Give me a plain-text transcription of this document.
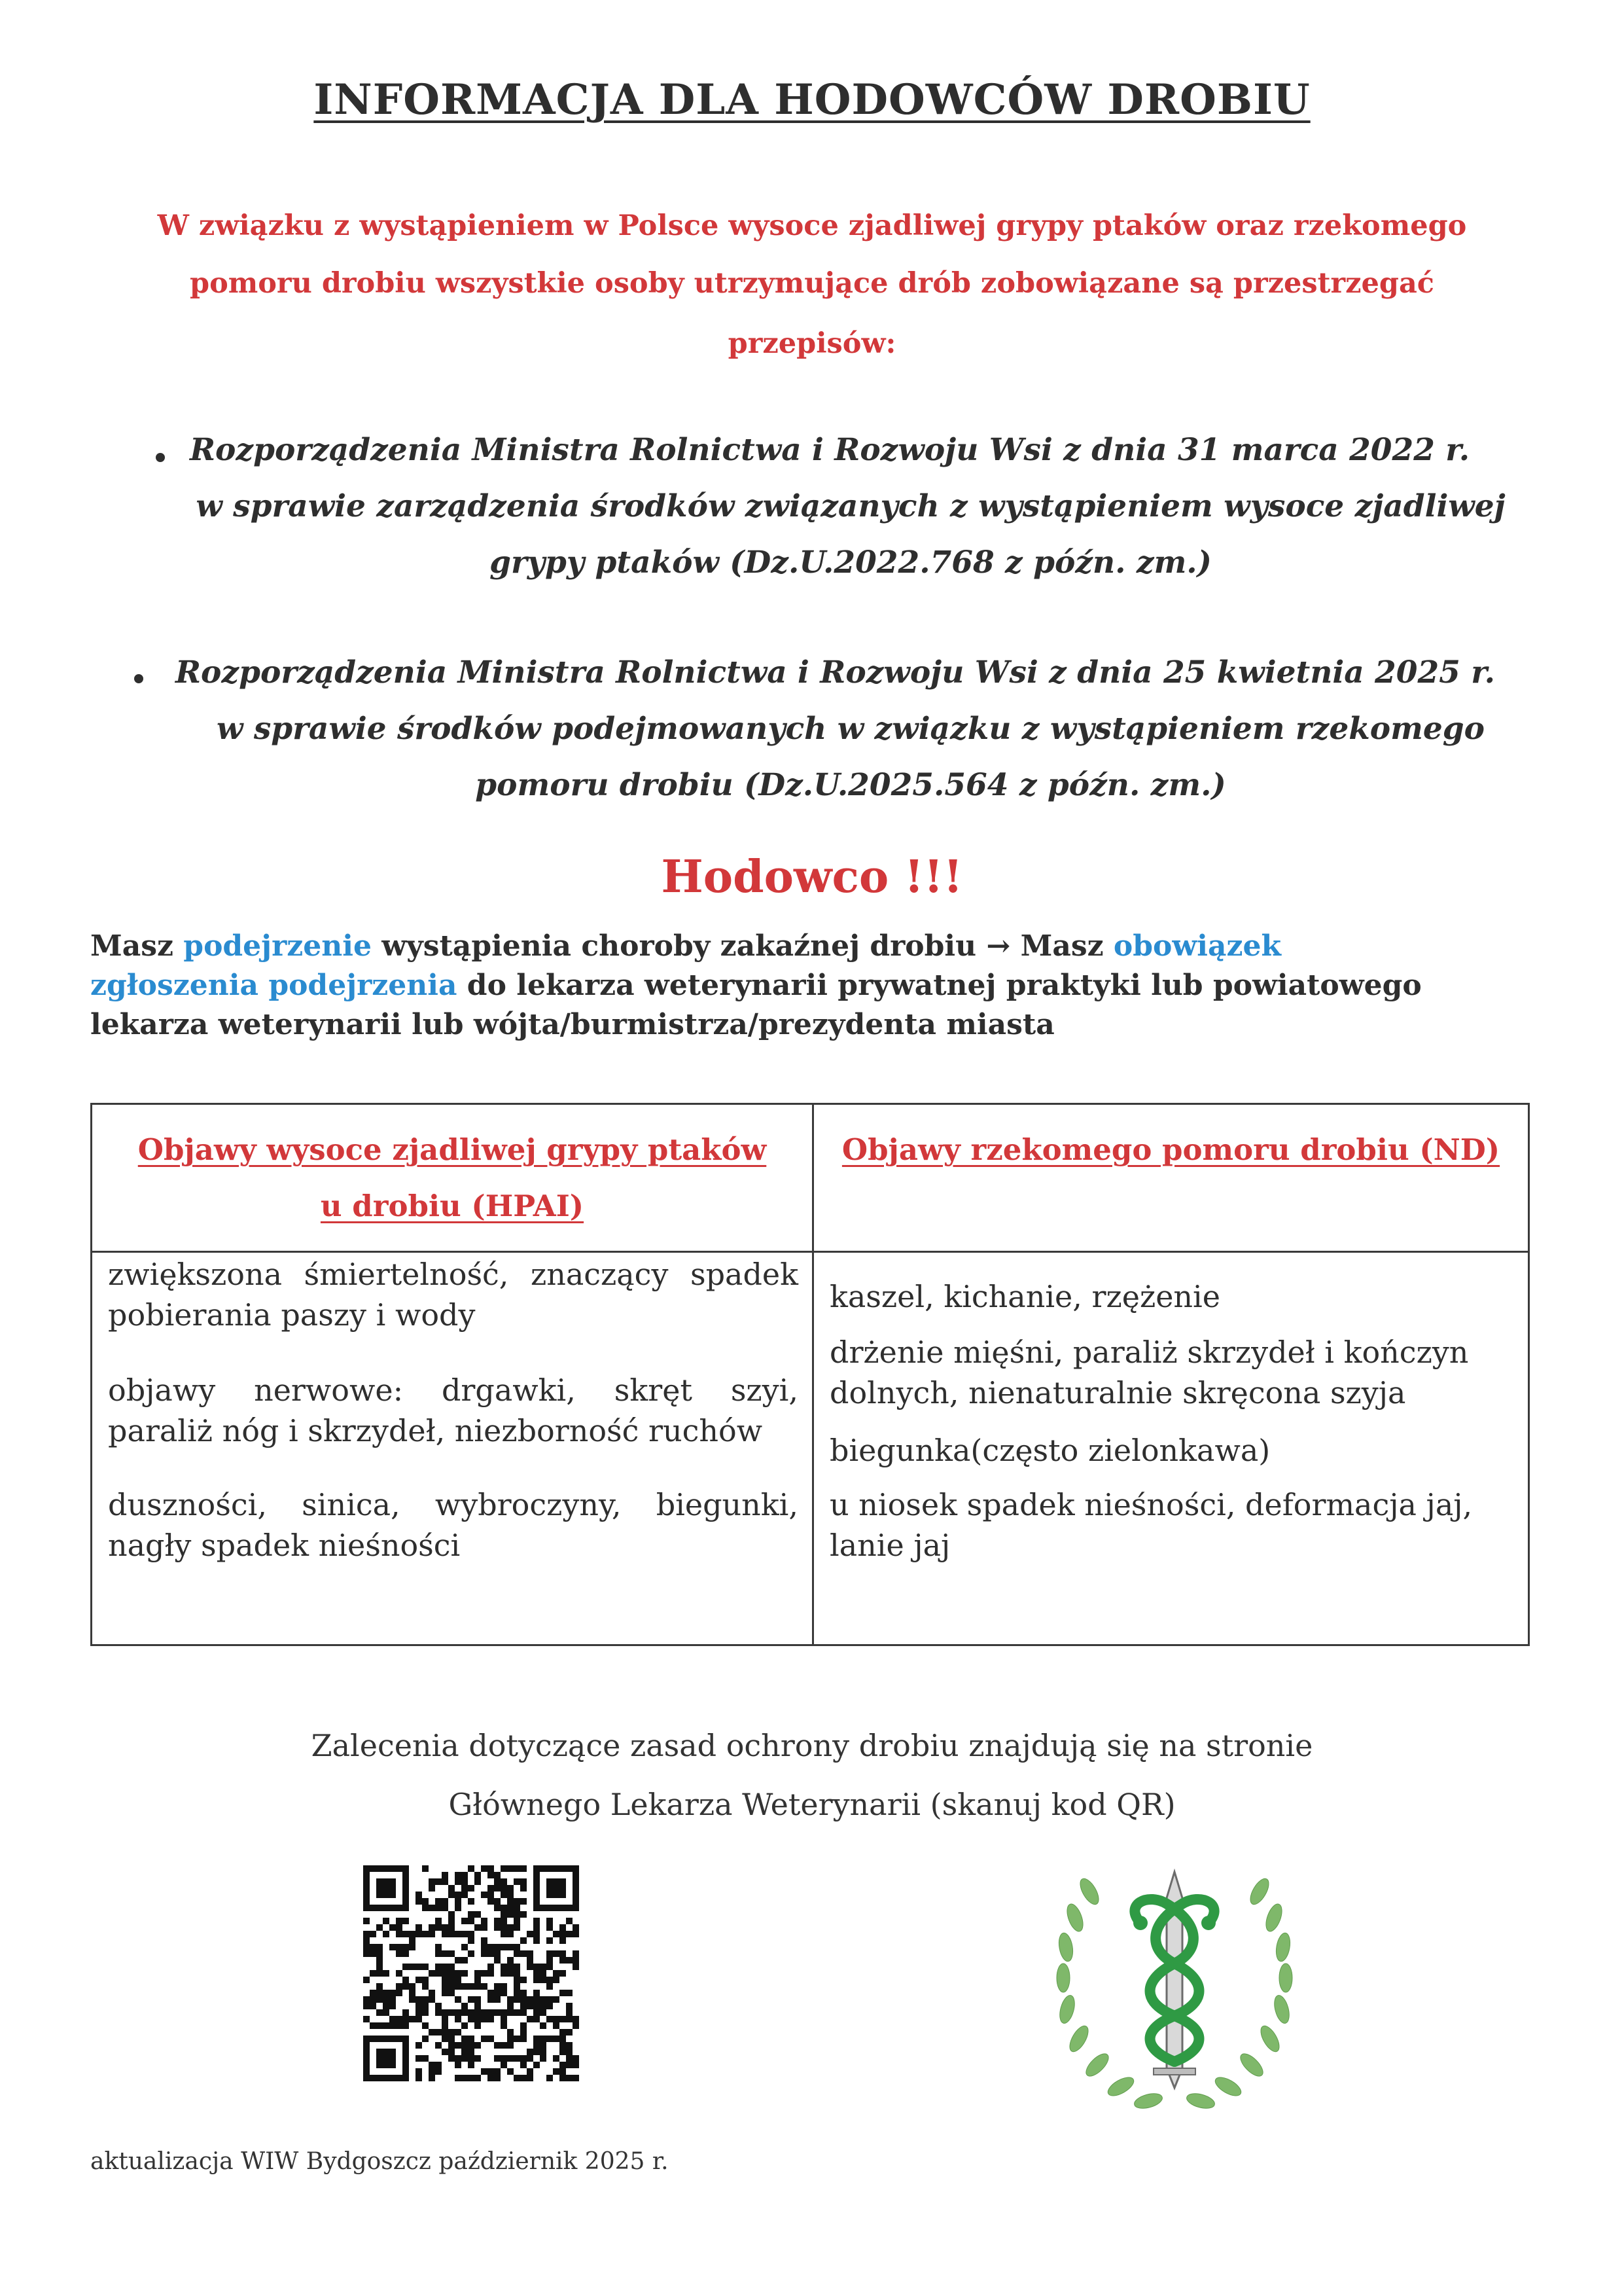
INFORMACJA DLA HODOWCÓW DROBIU
W związku z wystąpieniem w Polsce wysoce zjadliwej grypy ptaków oraz rzekomego
pomoru drobiu wszystkie osoby utrzymujące drób zobowiązane są przestrzegać
przepisów:
Rozporządzenia Ministra Rolnictwa i Rozwoju Wsi z dnia 31 marca 2022 r.
w sprawie zarządzenia środków związanych z wystąpieniem wysoce zjadliwej
grypy ptaków (Dz.U.2022.768 z późn. zm.)
Rozporządzenia Ministra Rolnictwa i Rozwoju Wsi z dnia 25 kwietnia 2025 r.
w sprawie środków podejmowanych w związku z wystąpieniem rzekomego
pomoru drobiu (Dz.U.2025.564 z późn. zm.)
Hodowco !!!
Masz podejrzenie wystąpienia choroby zakaźnej drobiu → Masz obowiązek
zgłoszenia podejrzenia do lekarza weterynarii prywatnej praktyki lub powiatowego
lekarza weterynarii lub wójta/burmistrza/prezydenta miasta
Objawy wysoce zjadliwej grypy ptaków
u drobiu (HPAI)
Objawy rzekomego pomoru drobiu (ND)
zwiększona śmiertelność, znaczący spadek
pobierania paszy i wody
objawy nerwowe: drgawki, skręt szyi,
paraliż nóg i skrzydeł, niezborność ruchów
duszności, sinica, wybroczyny, biegunki,
nagły spadek nieśności
kaszel, kichanie, rzężenie
drżenie mięśni, paraliż skrzydeł i kończyn
dolnych, nienaturalnie skręcona szyja
biegunka(często zielonkawa)
u niosek spadek nieśności, deformacja jaj,
lanie jaj
Zalecenia dotyczące zasad ochrony drobiu znajdują się na stronie
Głównego Lekarza Weterynarii (skanuj kod QR)
aktualizacja WIW Bydgoszcz październik 2025 r.
